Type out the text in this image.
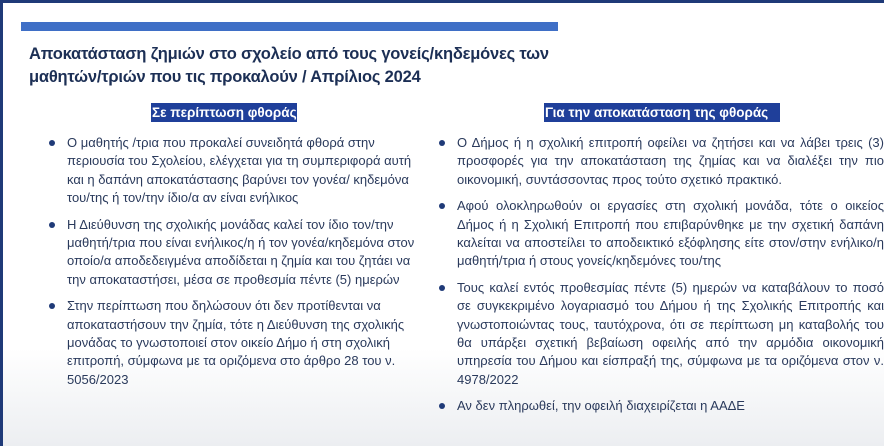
Αποκατάσταση ζημιών στο σχολείο από τους γονείς/κηδεμόνες των μαθητών/τριών που τις προκαλούν / Απρίλιος 2024
Σε περίπτωση φθοράς	Για την αποκατάσταση της φθοράς
Ο μαθητής /τρια που προκαλεί συνειδητά φθορά στην περιουσία του Σχολείου, ελέγχεται για τη συμπεριφορά αυτή και η δαπάνη αποκατάστασης βαρύνει τον γονέα/ κηδεμόνα του/της ή τον/την ίδιο/α αν είναι ενήλικος
Η Διεύθυνση της σχολικής μονάδας καλεί τον ίδιο τον/την μαθητή/τρια που είναι ενήλικος/η ή τον γονέα/κηδεμόνα στον οποίο/α αποδεδειγμένα αποδίδεται η ζημία και του ζητάει να την αποκαταστήσει, μέσα σε προθεσμία πέντε (5) ημερών
Στην περίπτωση που δηλώσουν ότι δεν προτίθενται να αποκαταστήσουν την ζημία, τότε η Διεύθυνση της σχολικής μονάδας το γνωστοποιεί στον οικείο Δήμο ή στη σχολική επιτροπή, σύμφωνα με τα οριζόμενα στο άρθρο 28 του ν. 5056/2023
Ο Δήμος ή η σχολική επιτροπή οφείλει να ζητήσει και να λάβει τρεις (3) προσφορές για την αποκατάσταση της ζημίας και να διαλέξει την πιο οικονομική, συντάσσοντας προς τούτο σχετικό πρακτικό.
Αφού ολοκληρωθούν οι εργασίες στη σχολική μονάδα, τότε ο οικείος Δήμος ή η Σχολική Επιτροπή που επιβαρύνθηκε με την σχετική δαπάνη καλείται να αποστείλει το αποδεικτικό εξόφλησης είτε στον/στην ενήλικο/η μαθητή/τρια ή στους γονείς/κηδεμόνες του/της
Τους καλεί εντός προθεσμίας πέντε (5) ημερών να καταβάλουν το ποσό σε συγκεκριμένο λογαριασμό του Δήμου ή της Σχολικής Επιτροπής και γνωστοποιώντας τους, ταυτόχρονα, ότι σε περίπτωση μη καταβολής του θα υπάρξει σχετική βεβαίωση οφειλής από την αρμόδια οικονομική υπηρεσία του Δήμου και είσπραξή της, σύμφωνα με τα οριζόμενα στον ν. 4978/2022
Αν δεν πληρωθεί, την οφειλή διαχειρίζεται η ΑΑΔΕ
